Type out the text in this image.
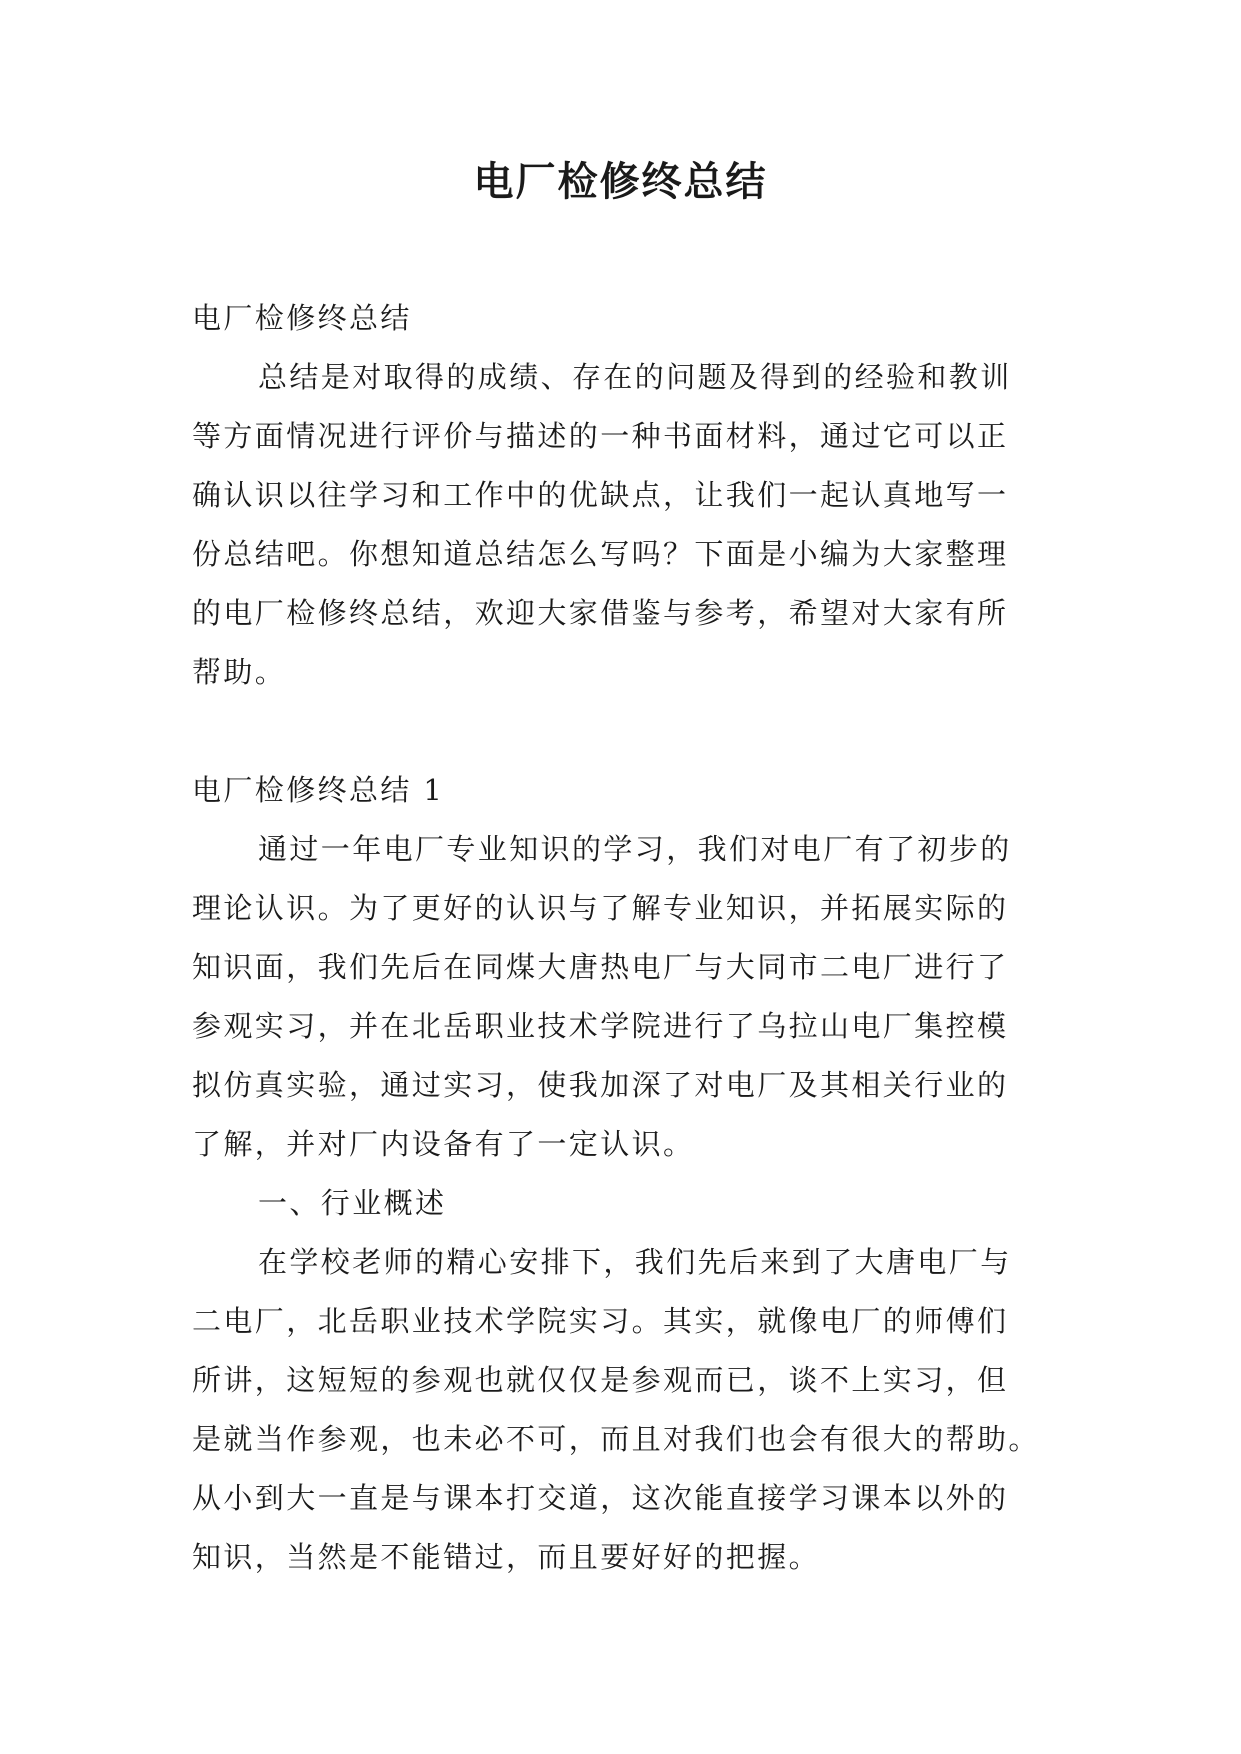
电厂检修终总结

电厂检修终总结

总结是对取得的成绩、存在的问题及得到的经验和教训

等方面情况进行评价与描述的一种书面材料，通过它可以正

确认识以往学习和工作中的优缺点，让我们一起认真地写一

份总结吧。你想知道总结怎么写吗？下面是小编为大家整理

的电厂检修终总结，欢迎大家借鉴与参考，希望对大家有所

帮助。

电厂检修终总结 1

通过一年电厂专业知识的学习，我们对电厂有了初步的

理论认识。为了更好的认识与了解专业知识，并拓展实际的

知识面，我们先后在同煤大唐热电厂与大同市二电厂进行了

参观实习，并在北岳职业技术学院进行了乌拉山电厂集控模

拟仿真实验，通过实习，使我加深了对电厂及其相关行业的

了解，并对厂内设备有了一定认识。

一、行业概述

在学校老师的精心安排下，我们先后来到了大唐电厂与

二电厂，北岳职业技术学院实习。其实，就像电厂的师傅们

所讲，这短短的参观也就仅仅是参观而已，谈不上实习，但

是就当作参观，也未必不可，而且对我们也会有很大的帮助。

从小到大一直是与课本打交道，这次能直接学习课本以外的

知识，当然是不能错过，而且要好好的把握。
